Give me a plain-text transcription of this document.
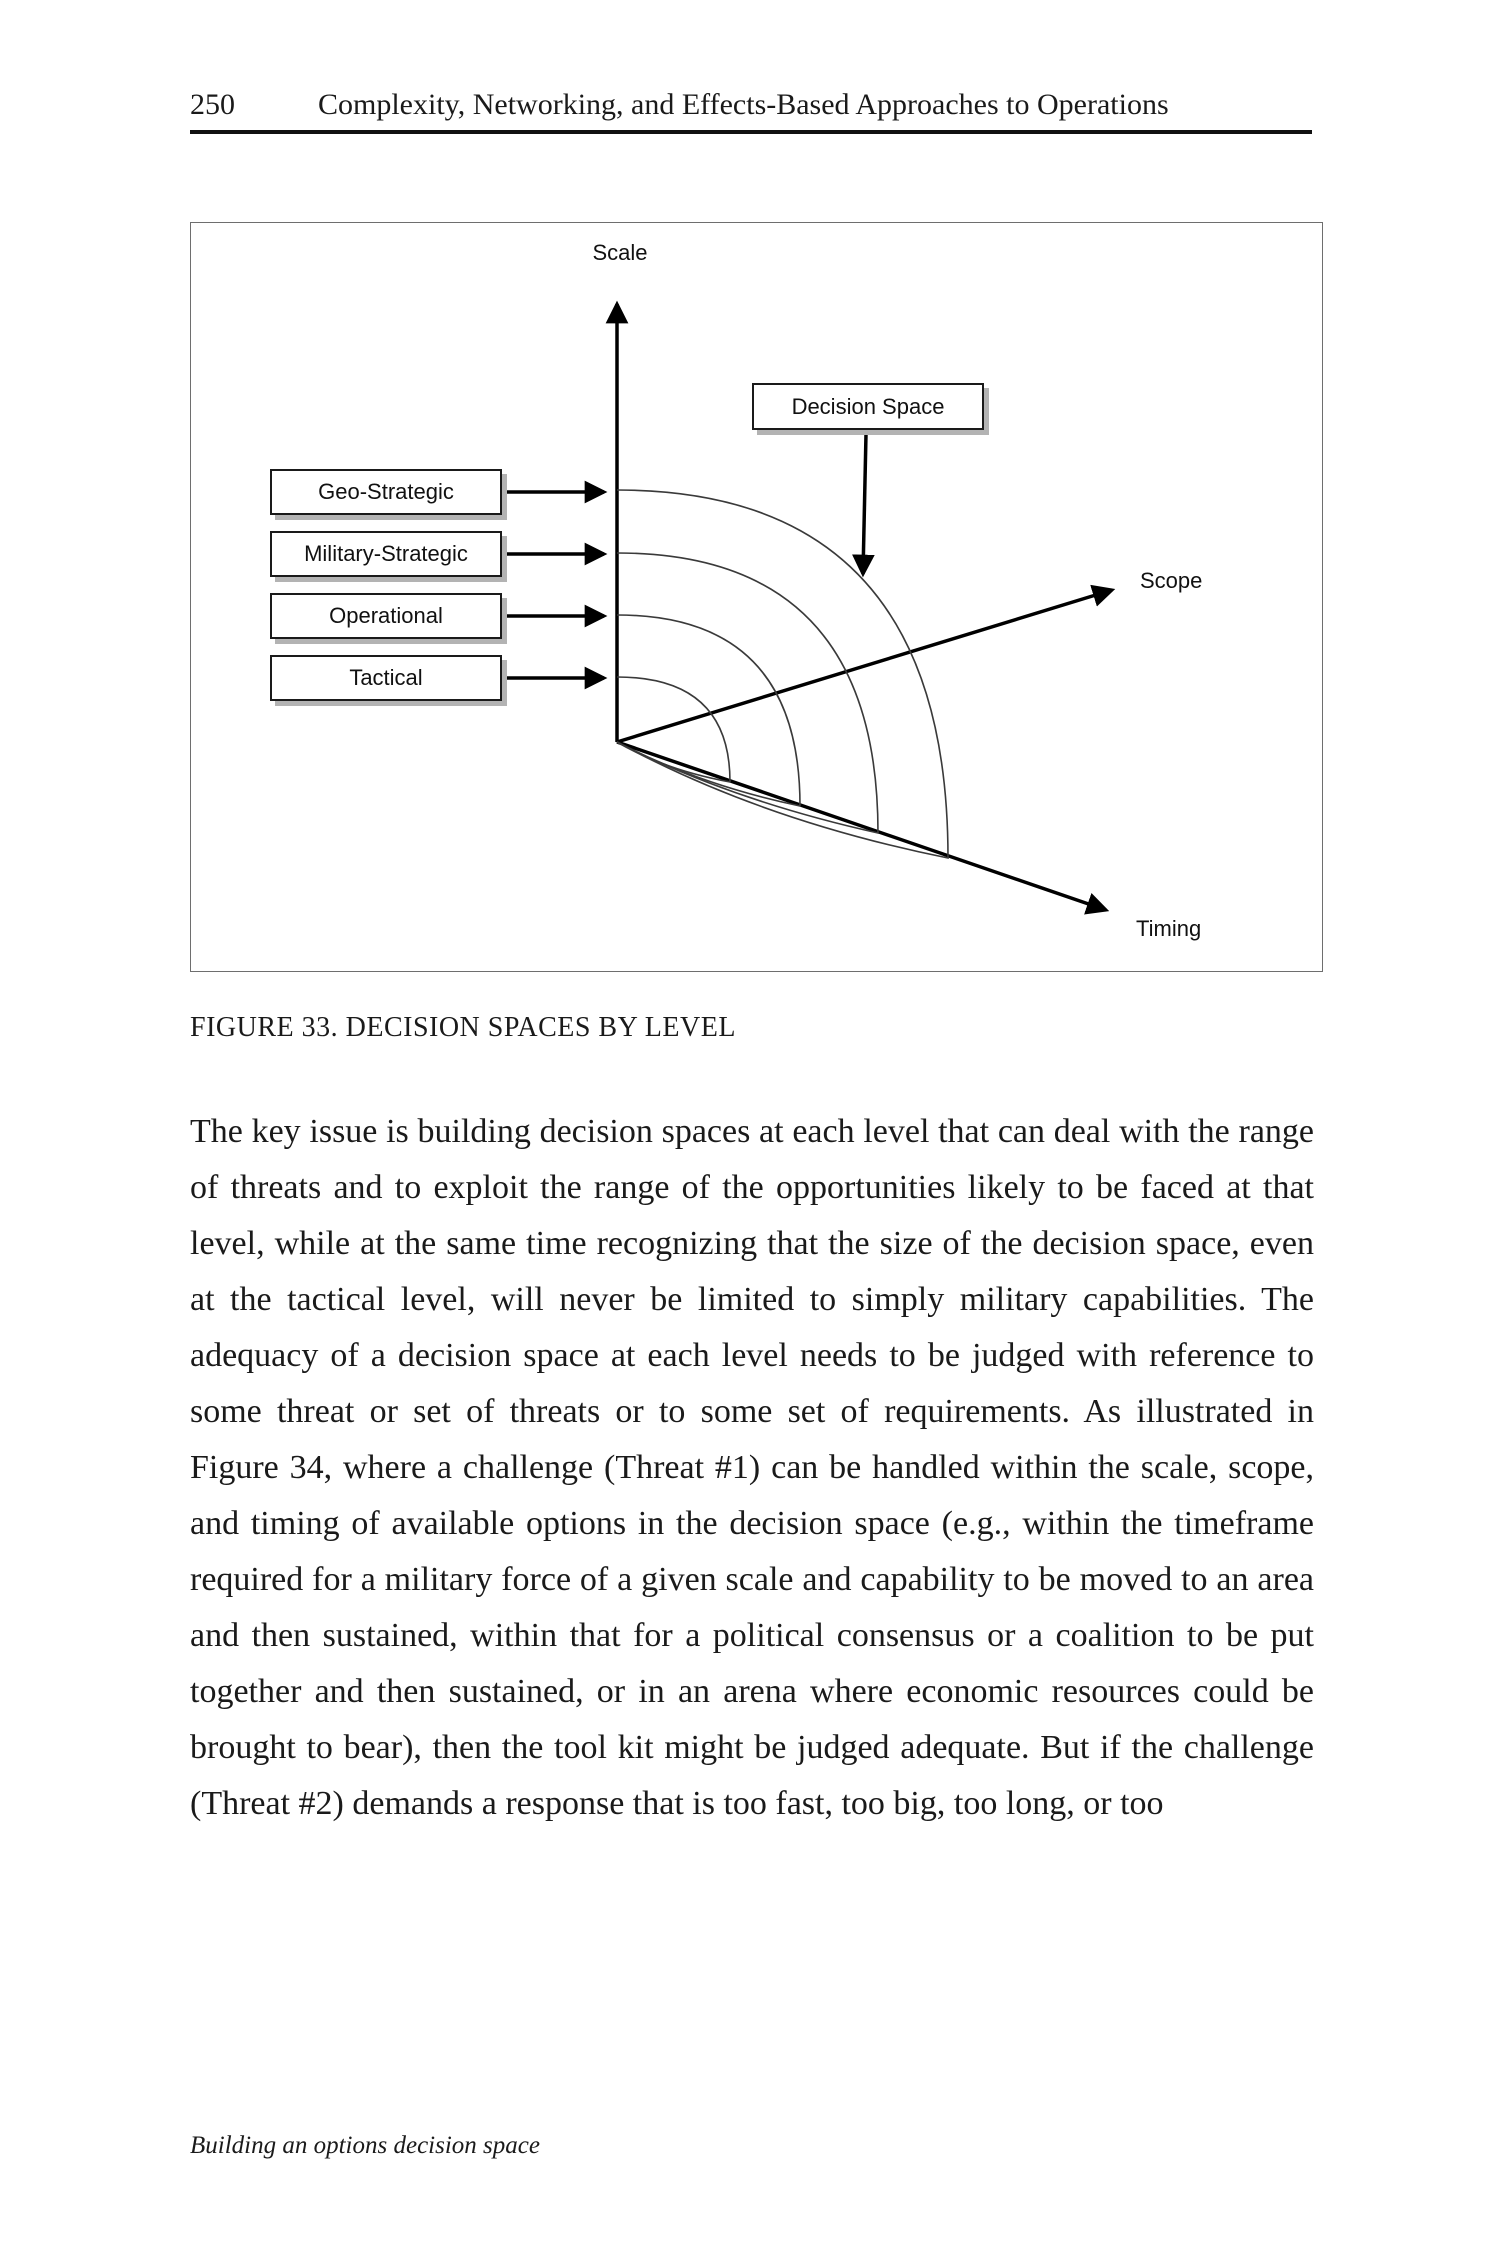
250	Complexity, Networking, and Effects-Based Approaches to Operations
Scale
Scope
Timing
Decision Space
Geo-Strategic
Military-Strategic
Operational
Tactical
FIGURE 33. DECISION SPACES BY LEVEL
The key issue is building decision spaces at each level that can deal with the range of threats and to exploit the range of the opportunities likely to be faced at that level, while at the same time recognizing that the size of the decision space, even at the tactical level, will never be limited to simply military capabilities. The adequacy of a decision space at each level needs to be judged with reference to some threat or set of threats or to some set of requirements. As illustrated in Figure 34, where a challenge (Threat #1) can be handled within the scale, scope, and timing of available options in the decision space (e.g., within the timeframe required for a military force of a given scale and capability to be moved to an area and then sustained, within that for a political consensus or a coalition to be put together and then sustained, or in an arena where economic resources could be brought to bear), then the tool kit might be judged adequate. But if the challenge (Threat #2) demands a response that is too fast, too big, too long, or too
Building an options decision space
